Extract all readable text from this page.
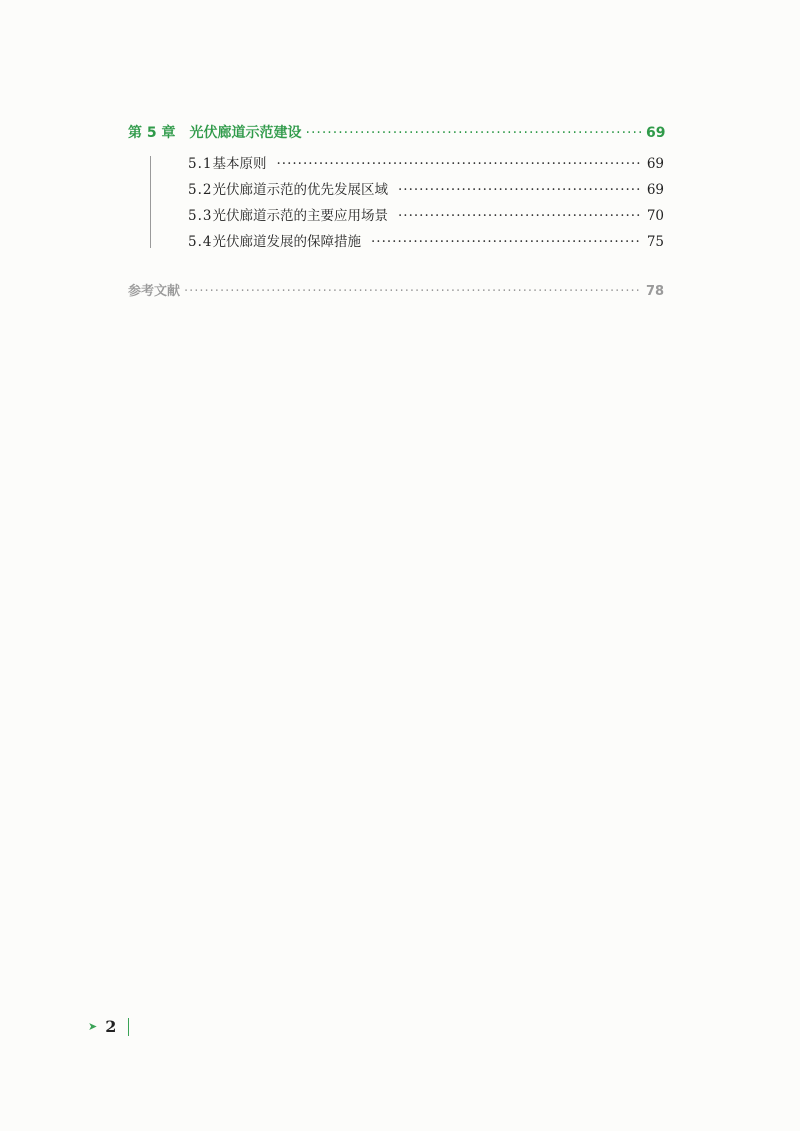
第 5 章 光伏廊道示范建设 ·····	69
5.1 基本原则 ·····	69
5.2 光伏廊道示范的优先发展区域 ·····	69
5.3 光伏廊道示范的主要应用场景 ·····	70
5.4 光伏廊道发展的保障措施 ·····	75
参考文献 ·····	78
➤ 2
